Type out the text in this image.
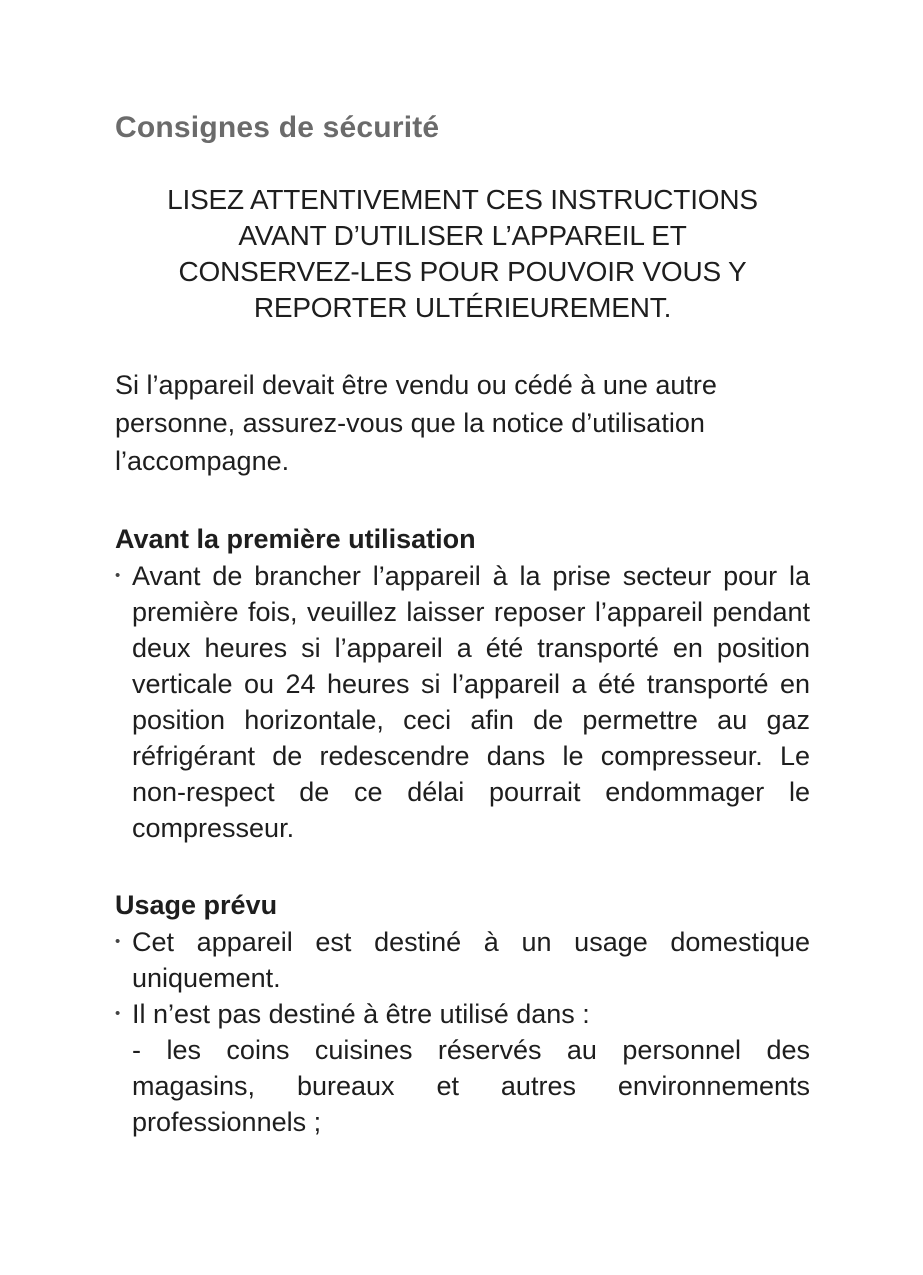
Consignes de sécurité
LISEZ ATTENTIVEMENT CES INSTRUCTIONS
AVANT D’UTILISER L’APPAREIL ET
CONSERVEZ-LES POUR POUVOIR VOUS Y
REPORTER ULTÉRIEUREMENT.

Si l’appareil devait être vendu ou cédé à une autre personne, assurez-vous que la notice d’utilisation l’accompagne.

Avant la première utilisation
• Avant de brancher l’appareil à la prise secteur pour la première fois, veuillez laisser reposer l’appareil pendant deux heures si l’appareil a été transporté en position verticale ou 24 heures si l’appareil a été transporté en position horizontale, ceci afin de permettre au gaz réfrigérant de redescendre dans le compresseur. Le non-respect de ce délai pourrait endommager le compresseur.
Usage prévu
• Cet appareil est destiné à un usage domestique uniquement.
• Il n’est pas destiné à être utilisé dans :
- les coins cuisines réservés au personnel des magasins, bureaux et autres environnements professionnels ;
